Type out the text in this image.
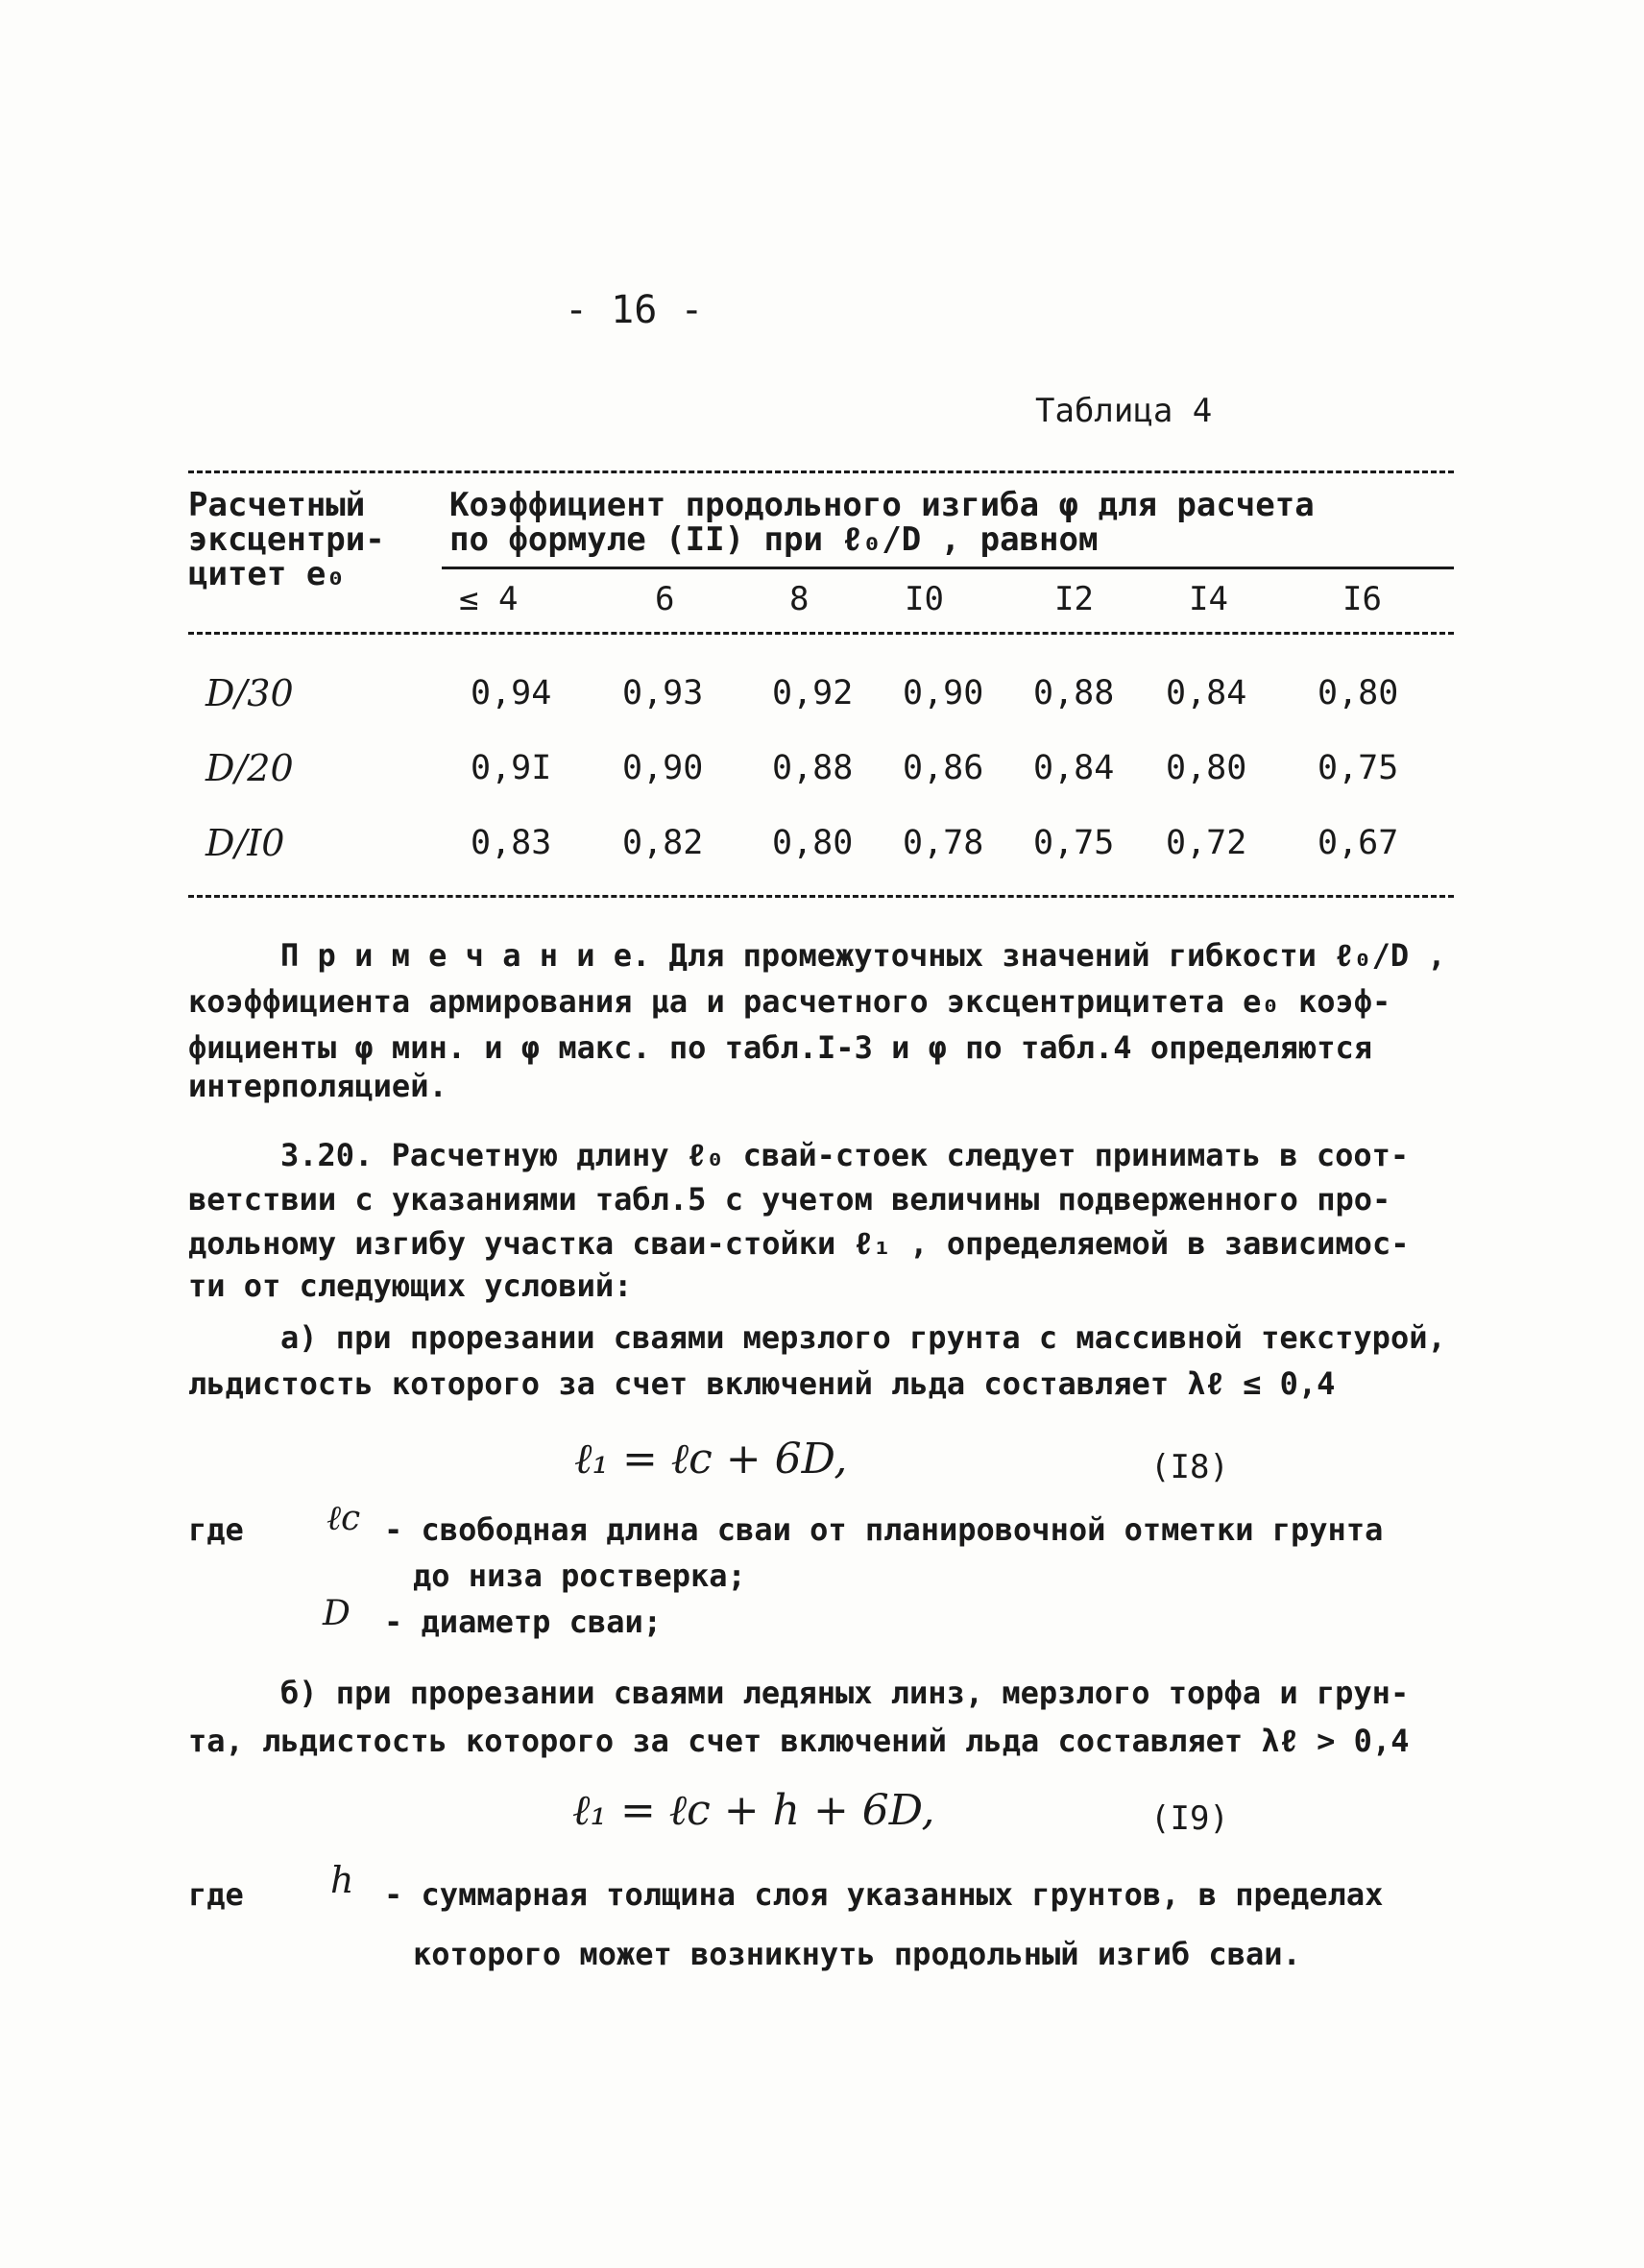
- 16 -
Таблица 4
Расчетный
эксцентри-
цитет e₀
Коэффициент продольного изгиба φ для расчета
по формуле (II) при ℓ₀/D , равном
≤ 4	6	8	I0	I2	I4	I6
D/30	0,94 0,93 0,92 0,90 0,88 0,84 0,80
D/20	0,9I 0,90 0,88 0,86 0,84 0,80 0,75
D/I0	0,83 0,82 0,80 0,78 0,75 0,72 0,67
П р и м е ч а н и е. Для промежуточных значений гибкости ℓ₀/D ,
коэффициента армирования μa и расчетного эксцентрицитета e₀ коэф-
фициенты φ мин. и φ макс. по табл.I-3 и φ по табл.4 определяются
интерполяцией.
3.20. Расчетную длину ℓ₀ свай-стоек следует принимать в соот-
ветствии с указаниями табл.5 с учетом величины подверженного про-
дольному изгибу участка сваи-стойки ℓ₁ , определяемой в зависимос-
ти от следующих условий:
а) при прорезании сваями мерзлого грунта с массивной текстурой,
льдистость которого за счет включений льда составляет λℓ ≤ 0,4
ℓ₁ = ℓc + 6D,	(I8)
где ℓc - свободная длина сваи от планировочной отметки грунта
до низа ростверка;
D - диаметр сваи;
б) при прорезании сваями ледяных линз, мерзлого торфа и грун-
та, льдистость которого за счет включений льда составляет λℓ > 0,4
ℓ₁ = ℓc + h + 6D,	(I9)
где h - суммарная толщина слоя указанных грунтов, в пределах
которого может возникнуть продольный изгиб сваи.
